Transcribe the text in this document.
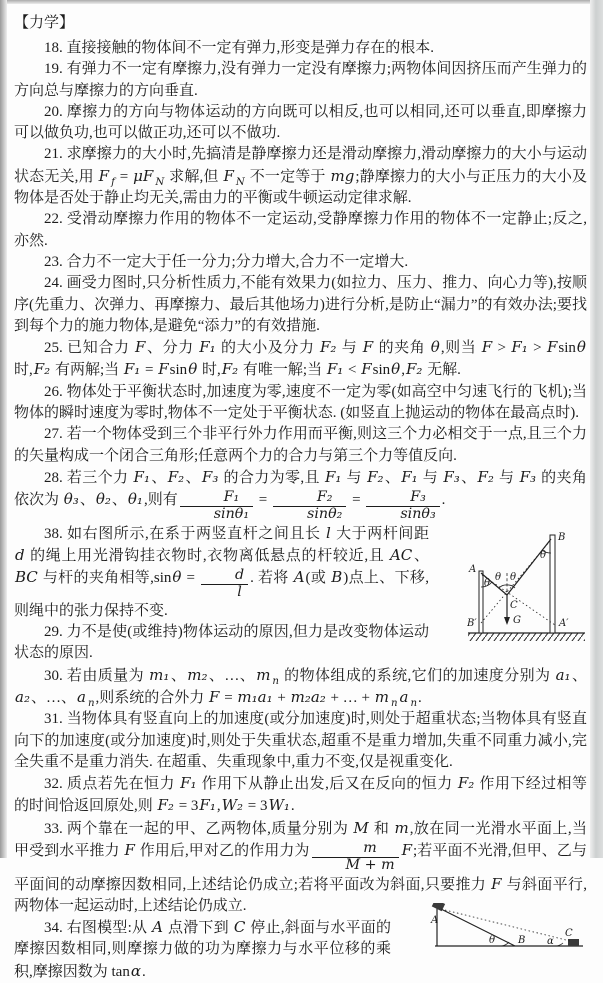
【力学】

18. 直接接触的物体间不一定有弹力,形变是弹力存在的根本.

19. 有弹力不一定有摩擦力,没有弹力一定没有摩擦力;两物体间因挤压而产生弹力的方向总与摩擦力的方向垂直.

20. 摩擦力的方向与物体运动的方向既可以相反,也可以相同,还可以垂直,即摩擦力可以做负功,也可以做正功,还可以不做功.

21. 求摩擦力的大小时,先搞清是静摩擦力还是滑动摩擦力,滑动摩擦力的大小与运动状态无关,用 F $_f$ = μF $_N$ 求解,但 F $_N$ 不一定等于 mg;静摩擦力的大小与正压力的大小及物体是否处于静止均无关,需由力的平衡或牛顿运动定律求解.

22. 受滑动摩擦力作用的物体不一定运动,受静摩擦力作用的物体不一定静止;反之,亦然.

23. 合力不一定大于任一分力;分力增大,合力不一定增大.

24. 画受力图时,只分析性质力,不能有效果力(如拉力、压力、推力、向心力等),按顺序(先重力、次弹力、再摩擦力、最后其他场力)进行分析,是防止“漏力”的有效办法;要找到每个力的施力物体,是避免“添力”的有效措施.

25. 已知合力 F、分力 F₁ 的大小及分力 F₂ 与 F 的夹角 θ,则当 F > F₁ > Fsinθ 时,F₂ 有两解;当 F₁ = Fsinθ 时,F₂ 有唯一解;当 F₁ < Fsinθ,F₂ 无解.

26. 物体处于平衡状态时,加速度为零,速度不一定为零(如高空中匀速飞行的飞机);当物体的瞬时速度为零时,物体不一定处于平衡状态. (如竖直上抛运动的物体在最高点时).

27. 若一个物体受到三个非平行外力作用而平衡,则这三个力必相交于一点,且三个力的矢量构成一个闭合三角形;任意两个力的合力与第三个力等值反向.

28. 若三个力 F₁、F₂、F₃ 的合力为零,且 F₁ 与 F₂、F₁ 与 F₃、F₂ 与 F₃ 的夹角依次为 θ₃、θ₂、θ₁,则有 $\frac{\text{F₁}}{\text{sinθ₁}} = \frac{\text{F₂}}{\text{sinθ₂}} = \frac{\text{F₃}}{\text{sinθ₃}}$ .

A
B
B′	A′
C
G
θ
θ θ
θ
38. 如右图所示,在系于两竖直杆之间且长 l 大于两杆间距 d 的绳上用光滑钩挂衣物时,衣物离低悬点的杆较近,且 AC、BC 与杆的夹角相等$,\sin\theta = \frac{d}{l}$ . 若将 A(或 B)点上、下移,则绳中的张力保持不变.

29. 力不是使(或维持)物体运动的原因,但力是改变物体运动状态的原因.

30. 若由质量为 m₁、m₂、…、m $_n$ 的物体组成的系统,它们的加速度分别为 a₁、a₂、…、a $_n$,则系统的合外力 F = m₁a₁ + m₂a₂ + … + m $_n$ a $_n$.

31. 当物体具有竖直向上的加速度(或分加速度)时,则处于超重状态;当物体具有竖直向下的加速度(或分加速度)时,则处于失重状态,超重不是重力增加,失重不同重力减小,完全失重不是重力消失. 在超重、失重现象中,重力不变,仅是视重变化.

32. 质点若先在恒力 F₁ 作用下从静止出发,后又在反向的恒力 F₂ 作用下经过相等的时间恰返回原处,则 F₂ = 3F₁,W₂ = 3W₁.

33. 两个靠在一起的甲、乙两物体,质量分别为 M 和 m,放在同一光滑水平面上,当甲受到水平推力 F 作用后,甲对乙的作用力为 $\frac{m}{M + m} F$;若平面不光滑,但甲、乙与平面间的动摩擦因数相同,上述结论仍成立;若将平面改为斜面,只要推力 F 与斜面平行,两物体一起运动时,上述结论仍成立.

A
θ B α
C
34. 右图模型:从 A 点滑下到 C 停止,斜面与水平面的摩擦因数相同,则摩擦力做的功为摩擦力与水平位移的乘积,摩擦因数为 tanα.
